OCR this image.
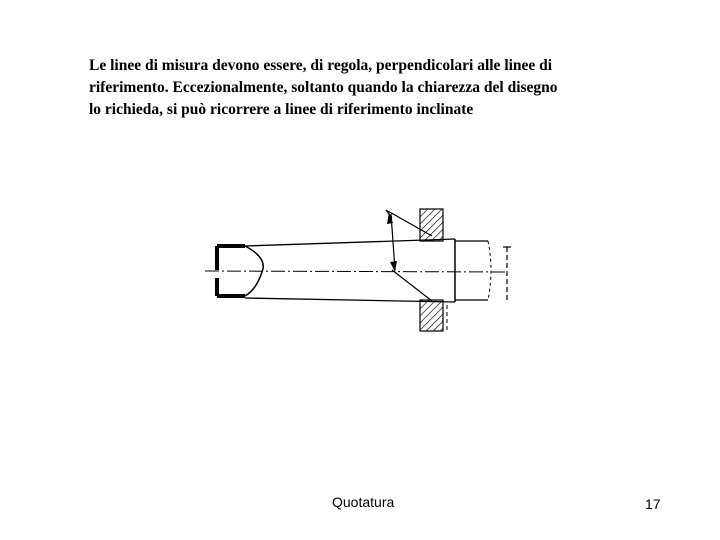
Le linee di misura devono essere, di regola, perpendicolari alle linee di
riferimento. Eccezionalmente, soltanto quando la chiarezza del disegno
lo richieda, si può ricorrere a linee di riferimento inclinate

Quotatura	17
